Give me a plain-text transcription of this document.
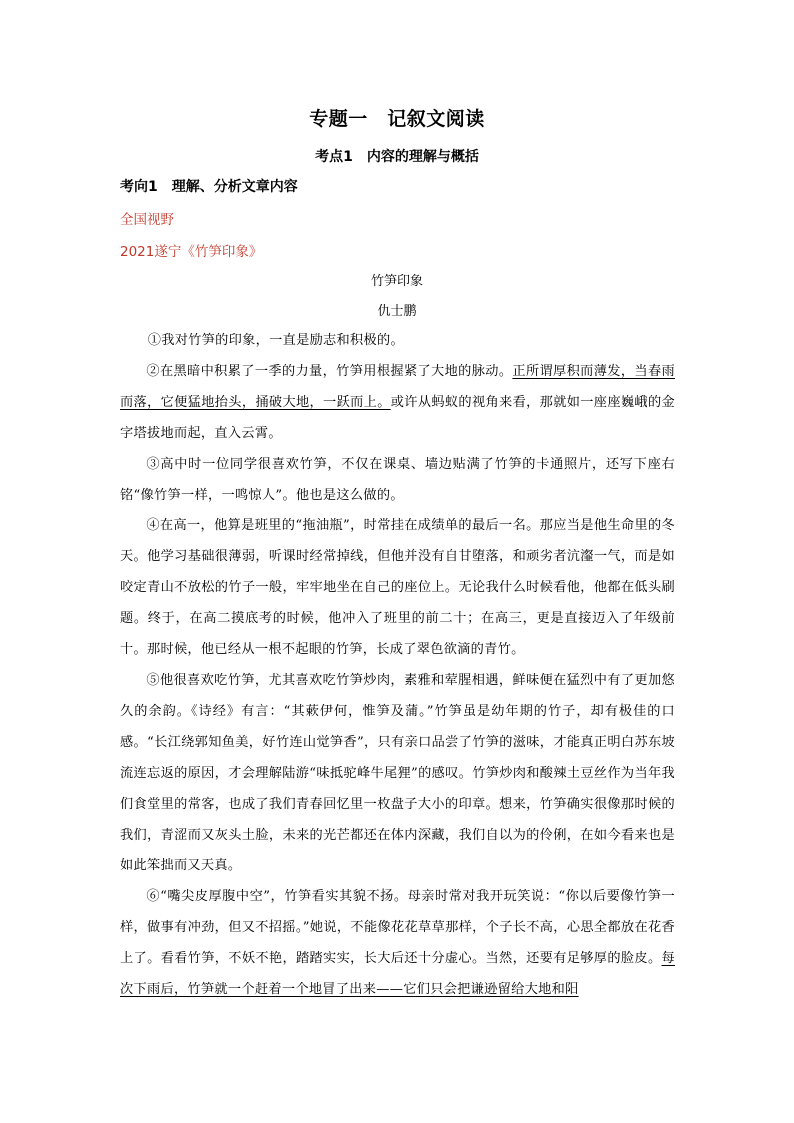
专题一　记叙文阅读
考点1　内容的理解与概括
考向1　理解、分析文章内容
全国视野
2021遂宁《竹笋印象》
竹笋印象
仇士鹏

①我对竹笋的印象，一直是励志和积极的。

②在黑暗中积累了一季的力量，竹笋用根握紧了大地的脉动。正所谓厚积而薄发，当春雨而落，它便猛地抬头，捅破大地，一跃而上。或许从蚂蚁的视角来看，那就如一座座巍峨的金字塔拔地而起，直入云霄。

③高中时一位同学很喜欢竹笋，不仅在课桌、墙边贴满了竹笋的卡通照片，还写下座右铭“像竹笋一样，一鸣惊人”。他也是这么做的。

④在高一，他算是班里的“拖油瓶”，时常挂在成绩单的最后一名。那应当是他生命里的冬天。他学习基础很薄弱，听课时经常掉线，但他并没有自甘堕落，和顽劣者沆瀣一气，而是如咬定青山不放松的竹子一般，牢牢地坐在自己的座位上。无论我什么时候看他，他都在低头刷题。终于，在高二摸底考的时候，他冲入了班里的前二十；在高三，更是直接迈入了年级前十。那时候，他已经从一根不起眼的竹笋，长成了翠色欲滴的青竹。

⑤他很喜欢吃竹笋，尤其喜欢吃竹笋炒肉，素雅和荤腥相遇，鲜味便在猛烈中有了更加悠久的余韵。《诗经》有言：“其蔌伊何，惟笋及蒲。”竹笋虽是幼年期的竹子，却有极佳的口感。“长江绕郭知鱼美，好竹连山觉笋香”，只有亲口品尝了竹笋的滋味，才能真正明白苏东坡流连忘返的原因，才会理解陆游“味抵驼峰牛尾狸”的感叹。竹笋炒肉和酸辣土豆丝作为当年我们食堂里的常客，也成了我们青春回忆里一枚盘子大小的印章。想来，竹笋确实很像那时候的我们，青涩而又灰头土脸，未来的光芒都还在体内深藏，我们自以为的伶俐，在如今看来也是如此笨拙而又天真。

⑥“嘴尖皮厚腹中空”，竹笋看实其貌不扬。母亲时常对我开玩笑说：“你以后要像竹笋一样，做事有冲劲，但又不招摇。”她说，不能像花花草草那样，个子长不高，心思全都放在花香上了。看看竹笋，不妖不艳，踏踏实实，长大后还十分虚心。当然，还要有足够厚的脸皮。每次下雨后，竹笋就一个赶着一个地冒了出来——它们只会把谦逊留给大地和阳
